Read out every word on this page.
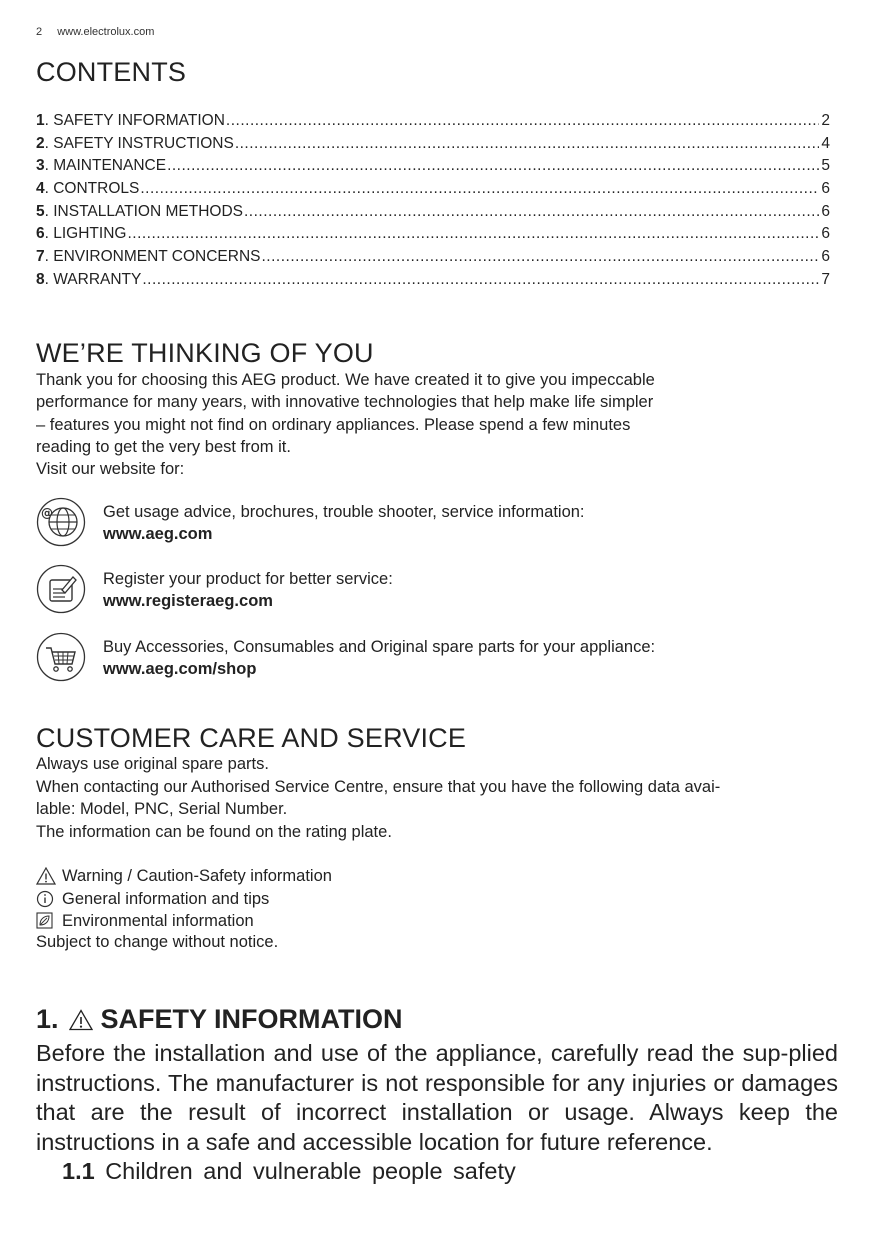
2 www.electrolux.com
CONTENTS
1 . SAFETY INFORMATION .....	2
2 . SAFETY INSTRUCTIONS .....	4
3 . MAINTENANCE .....	5
4 . CONTROLS .....	6
5 . INSTALLATION METHODS .....	6
6 . LIGHTING .....	6
7 . ENVIRONMENT CONCERNS .....	6
8 . WARRANTY .....	7
WE’RE THINKING OF YOU

Thank you for choosing this AEG product. We have created it to give you impeccable

performance for many years, with innovative technologies that help make life simpler

– features you might not find on ordinary appliances. Please spend a few minutes

reading to get the very best from it.

Visit our website for:

@	Get usage advice, brochures, trouble shooter, service information:
www.aeg.com
Register your product for better service:
www.registeraeg.com
Buy Accessories, Consumables and Original spare parts for your appliance:
www.aeg.com/shop
CUSTOMER CARE AND SERVICE

Always use original spare parts.

When contacting our Authorised Service Centre, ensure that you have the following data avai-

lable: Model, PNC, Serial Number.

The information can be found on the rating plate.

Warning / Caution-Safety information
General information and tips
Environmental information
Subject to change without notice.
1. SAFETY INFORMATION

Before the installation and use of the appliance, carefully read the sup-plied instructions. The manufacturer is not responsible for any injuries or damages that are the result of incorrect installation or usage. Always keep the instructions in a safe and accessible location for future reference.

1.1 Children and vulnerable people safety
